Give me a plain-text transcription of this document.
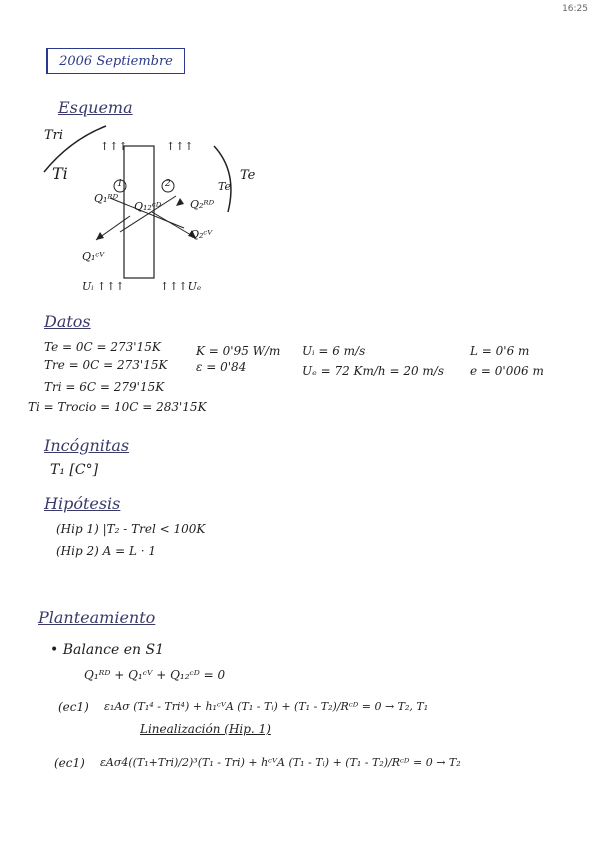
16:25
2006 Septiembre
Esquema
Datos
Incógnitas
Hipótesis
Planteamiento
Tri
Ti
↑↑↑	↑↑↑
1	2	Te
Te
Q₁ᴿᴰ
Q₁₂ᶜᴰ	Q₂ᴿᴰ
Q₂ᶜⱽ
Q₁ᶜⱽ
Uᵢ ↑↑↑	↑↑↑Uₑ
Te = 0C = 273'15K
Tre = 0C = 273'15K
Tri = 6C = 279'15K
Ti = Trocio = 10C = 283'15K
K = 0'95 W/m
ε = 0'84
Uᵢ = 6 m/s
Uₑ = 72 Km/h = 20 m/s
L = 0'6 m
e = 0'006 m
T₁ [C°]
(Hip 1) |T₂ - Trel < 100K
(Hip 2) A = L · 1
• Balance en S1
Q₁ᴿᴰ + Q₁ᶜⱽ + Q₁₂ᶜᴰ = 0
(ec1) ε₁Aσ (T₁⁴ - Tri⁴) + h₁ᶜⱽA (T₁ - Tᵢ) + (T₁ - T₂)/Rᶜᴰ = 0 → T₂, T₁
Linealización (Hip. 1)
(ec1) εAσ4((T₁+Tri)/2)³(T₁ - Tri) + hᶜⱽA (T₁ - Tᵢ) + (T₁ - T₂)/Rᶜᴰ = 0 → T₂
